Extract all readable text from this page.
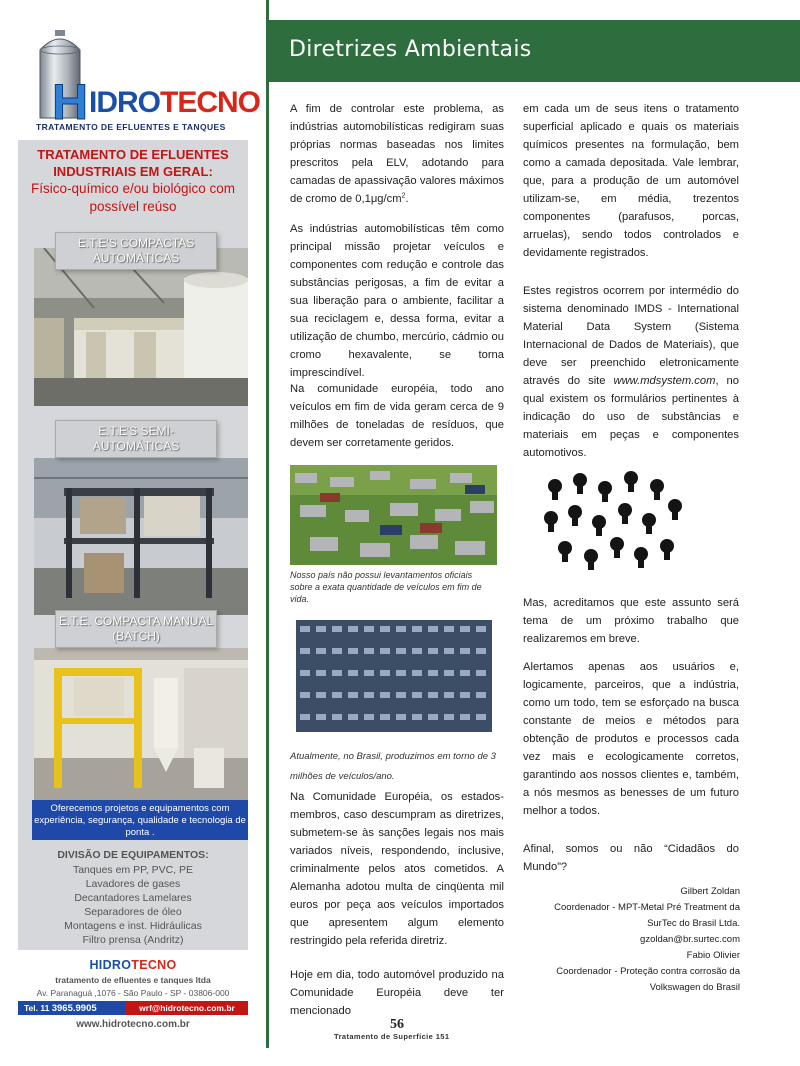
H IDRO TECNO
TRATAMENTO DE EFLUENTES E TANQUES
TRATAMENTO DE EFLUENTES INDUSTRIAIS EM GERAL:
Físico-químico e/ou biológico com possível reúso
E.T.E'S COMPACTAS AUTOMÁTICAS
E.T.E'S SEMI-AUTOMÁTICAS
E.T.E. COMPACTA MANUAL (BATCH)
Oferecemos projetos e equipamentos com experiência, segurança, qualidade e tecnologia de ponta .
DIVISÃO DE EQUIPAMENTOS:
Tanques em PP, PVC, PE
Lavadores de gases
Decantadores Lamelares
Separadores de óleo
Montagens e inst. Hidráulicas
Filtro prensa (Andritz)
HIDROTECNO
tratamento de efluentes e tanques ltda
Av. Paranaguá ,1076 - São Paulo - SP - 03806-000
Tel. 11 3965.9905	wrf@hidrotecno.com.br
www.hidrotecno.com.br
Diretrizes Ambientais
A fim de controlar este problema, as indústrias automobilísticas redigiram suas próprias normas baseadas nos limites prescritos pela ELV, adotando para camadas de apassivação valores máximos de cromo de $0,1\mu g/cm^2$.
As indústrias automobilísticas têm como principal missão projetar veículos e componentes com redução e controle das substâncias perigosas, a fim de evitar a sua liberação para o ambiente, facilitar a sua reciclagem e, dessa forma, evitar a utilização de chumbo, mercúrio, cádmio ou cromo hexavalente, se torna imprescindível.
Na comunidade européia, todo ano veículos em fim de vida geram cerca de 9 milhões de toneladas de resíduos, que devem ser corretamente geridos.
Nosso país não possui levantamentos oficiais sobre a exata quantidade de veículos em fim de vida.
Atualmente, no Brasil, produzimos em torno de 3 milhões de veículos/ano.
Na Comunidade Européia, os estados-membros, caso descumpram as diretrizes, submetem-se às sanções legais nos mais variados níveis, respondendo, inclusive, criminalmente pelos atos cometidos. A Alemanha adotou multa de cinqüenta mil euros por peça aos veículos importados que apresentem algum elemento restringido pela referida diretriz.
Hoje em dia, todo automóvel produzido na Comunidade Européia deve ter mencionado
em cada um de seus itens o tratamento superficial aplicado e quais os materiais químicos presentes na formulação, bem como a camada depositada. Vale lembrar, que, para a produção de um automóvel utilizam-se, em média, trezentos componentes (parafusos, porcas, arruelas), sendo todos controlados e devidamente registrados.
Estes registros ocorrem por intermédio do sistema denominado IMDS - International Material Data System (Sistema Internacional de Dados de Materiais), que deve ser preenchido eletronicamente através do site www.mdsystem.com, no qual existem os formulários pertinentes à indicação do uso de substâncias e materiais em peças e componentes automotivos.
Mas, acreditamos que este assunto será tema de um próximo trabalho que realizaremos em breve.
Alertamos apenas aos usuários e, logicamente, parceiros, que a indústria, como um todo, tem se esforçado na busca constante de meios e métodos para obtenção de produtos e processos cada vez mais e ecologicamente corretos, garantindo aos nossos clientes e, também, a nós mesmos as benesses de um futuro melhor a todos.
Afinal, somos ou não “Cidadãos do Mundo”?
Gilbert Zoldan
Coordenador - MPT-Metal Pré Treatment da
SurTec do Brasil Ltda.
gzoldan@br.surtec.com
Fabio Olivier
Coordenador - Proteção contra corrosão da
Volkswagen do Brasil
56
Tratamento de Superfície 151
